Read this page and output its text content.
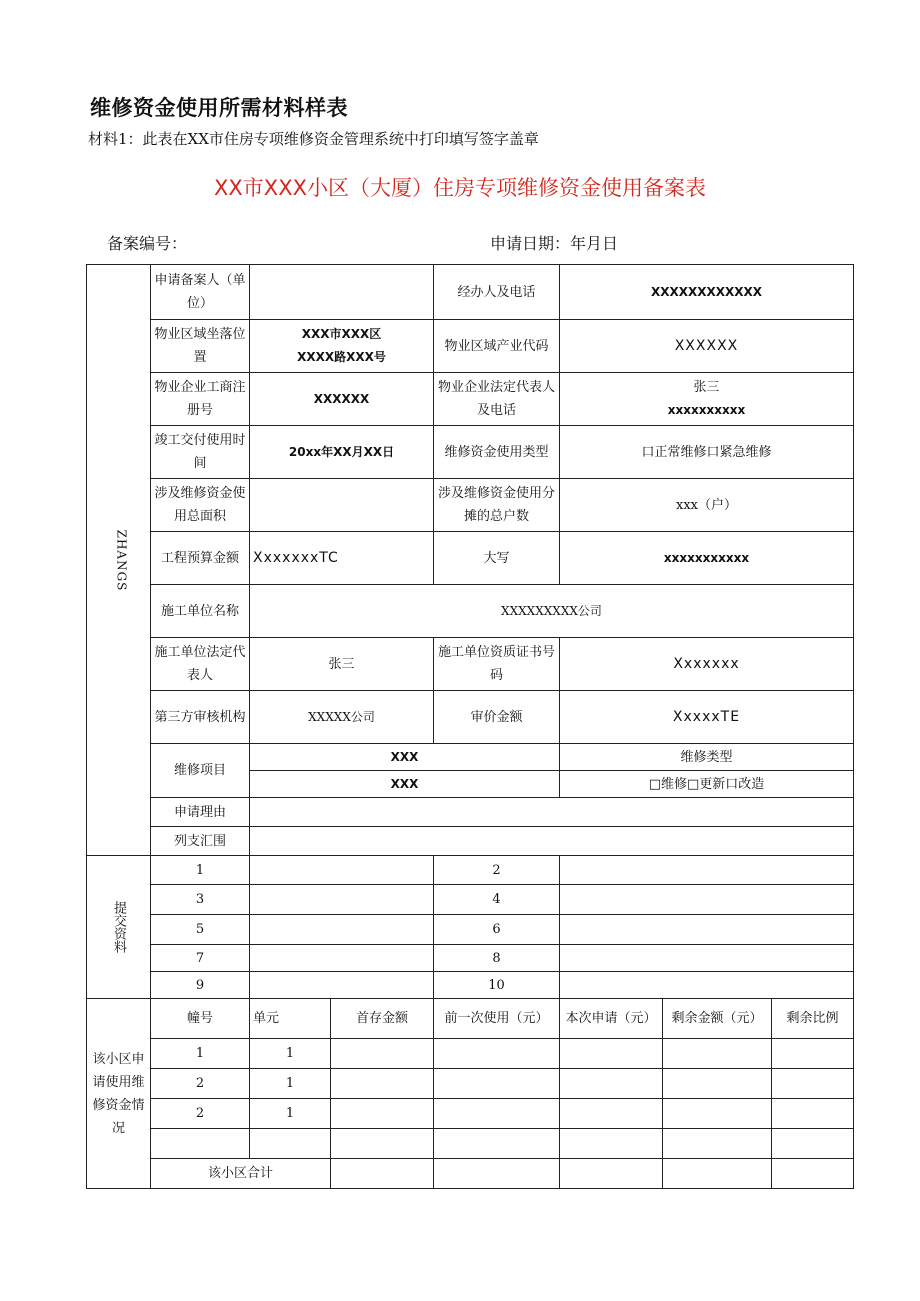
维修资金使用所需材料样表
材料1：此表在XX市住房专项维修资金管理系统中打印填写签字盖章
XX市XXX小区（大厦）住房专项维修资金使用备案表
备案编号：	申请日期：年月日
ZHANGS	申请备案人（单位）			经办人及电话	XXXXXXXXXXXX		
	物业区域坐落位置	XXX市XXX区
XXXX路XXX号		物业区域产业代码	XXXXXX		
	物业企业工商注册号	XXXXXX		物业企业法定代表人及电话	张三
xxxxxxxxxx		

	竣工交付使用时间	20xx年XX月XX日		维修资金使用类型	口正常维修口紧急维修		
	涉及维修资金使用总面积			涉及维修资金使用分摊的总户数	xxx（户）		
	工程预算金额	XxxxxxxTC		大写	xxxxxxxxxxx		
	施工单位名称	XXXXXXXXX公司					
	施工单位法定代表人	张三		施工单位资质证书号码	Xxxxxxx		
	第三方审核机构	XXXXX公司		审价金额	XxxxxTE		
	维修项目	XXX			维修类型		
		XXX			□维修□更新口改造		
	申请理由						
	列支汇围						
提交资料	1			2			
	3			4			
	5			6			
	7			8			
	9			10			
该小区申请使用维修资金情况	幢号	单元	首存金额	前一次使用（元）	本次申请（元）	剩余金额（元）	剩余比例
	1	1					
	2	1					
	2	1					

	该小区合计						
